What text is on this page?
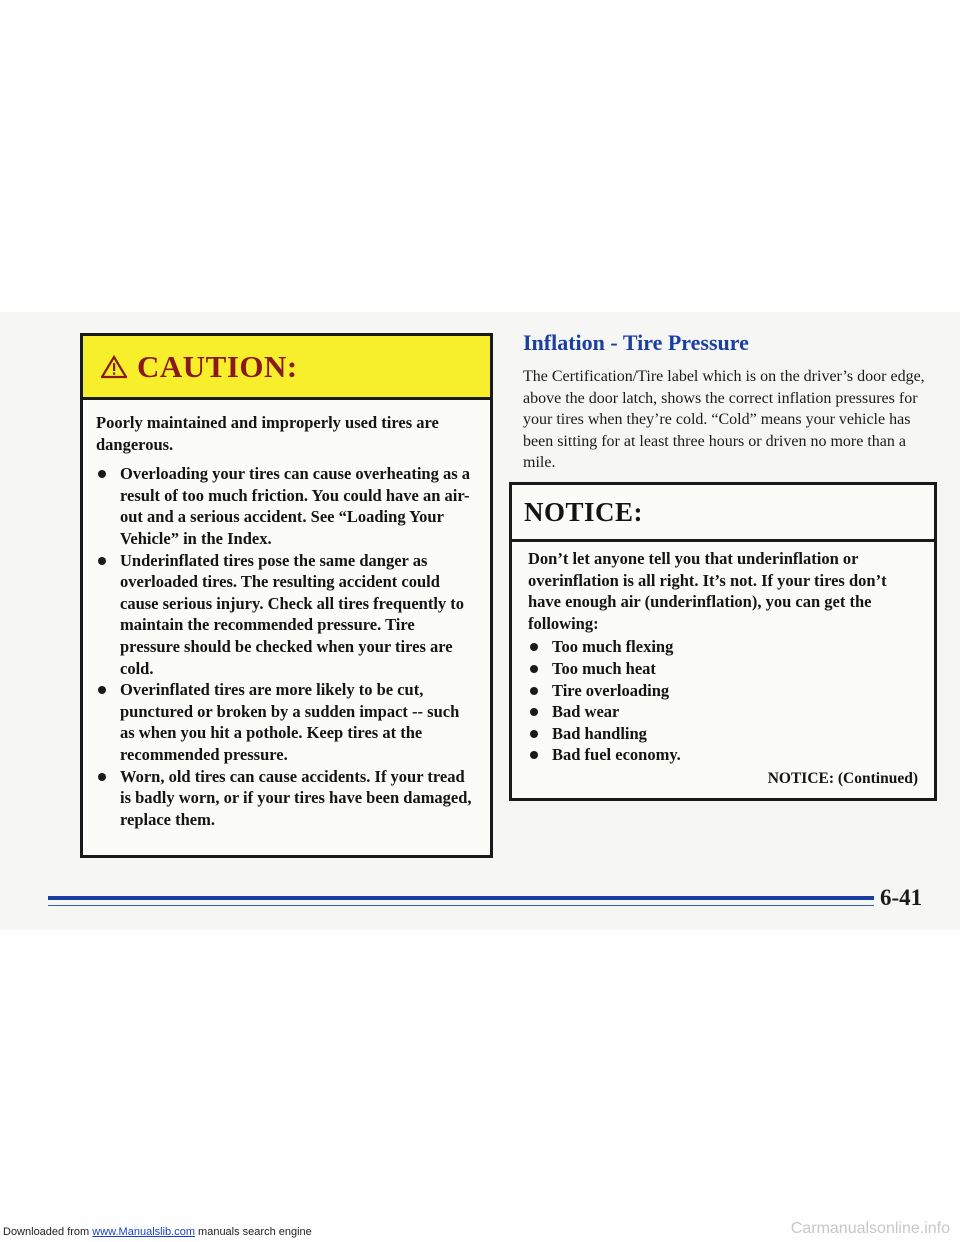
CAUTION:

Poorly maintained and improperly used tires are dangerous.

Overloading your tires can cause overheating as a result of too much friction. You could have an air-out and a serious accident. See “Loading Your Vehicle” in the Index.
Underinflated tires pose the same danger as overloaded tires. The resulting accident could cause serious injury. Check all tires frequently to maintain the recommended pressure. Tire pressure should be checked when your tires are cold.
Overinflated tires are more likely to be cut, punctured or broken by a sudden impact -- such as when you hit a pothole. Keep tires at the recommended pressure.
Worn, old tires can cause accidents. If your tread is badly worn, or if your tires have been damaged, replace them.
Inflation - Tire Pressure

The Certification/Tire label which is on the driver’s door edge, above the door latch, shows the correct inflation pressures for your tires when they’re cold. “Cold” means your vehicle has been sitting for at least three hours or driven no more than a mile.

NOTICE:

Don’t let anyone tell you that underinflation or overinflation is all right. It’s not. If your tires don’t have enough air (underinflation), you can get the following:

Too much flexing
Too much heat
Tire overloading
Bad wear
Bad handling
Bad fuel economy.
NOTICE: (Continued)
6-41
Downloaded from www.Manualslib.com manuals search engine	Carmanualsonline.info
